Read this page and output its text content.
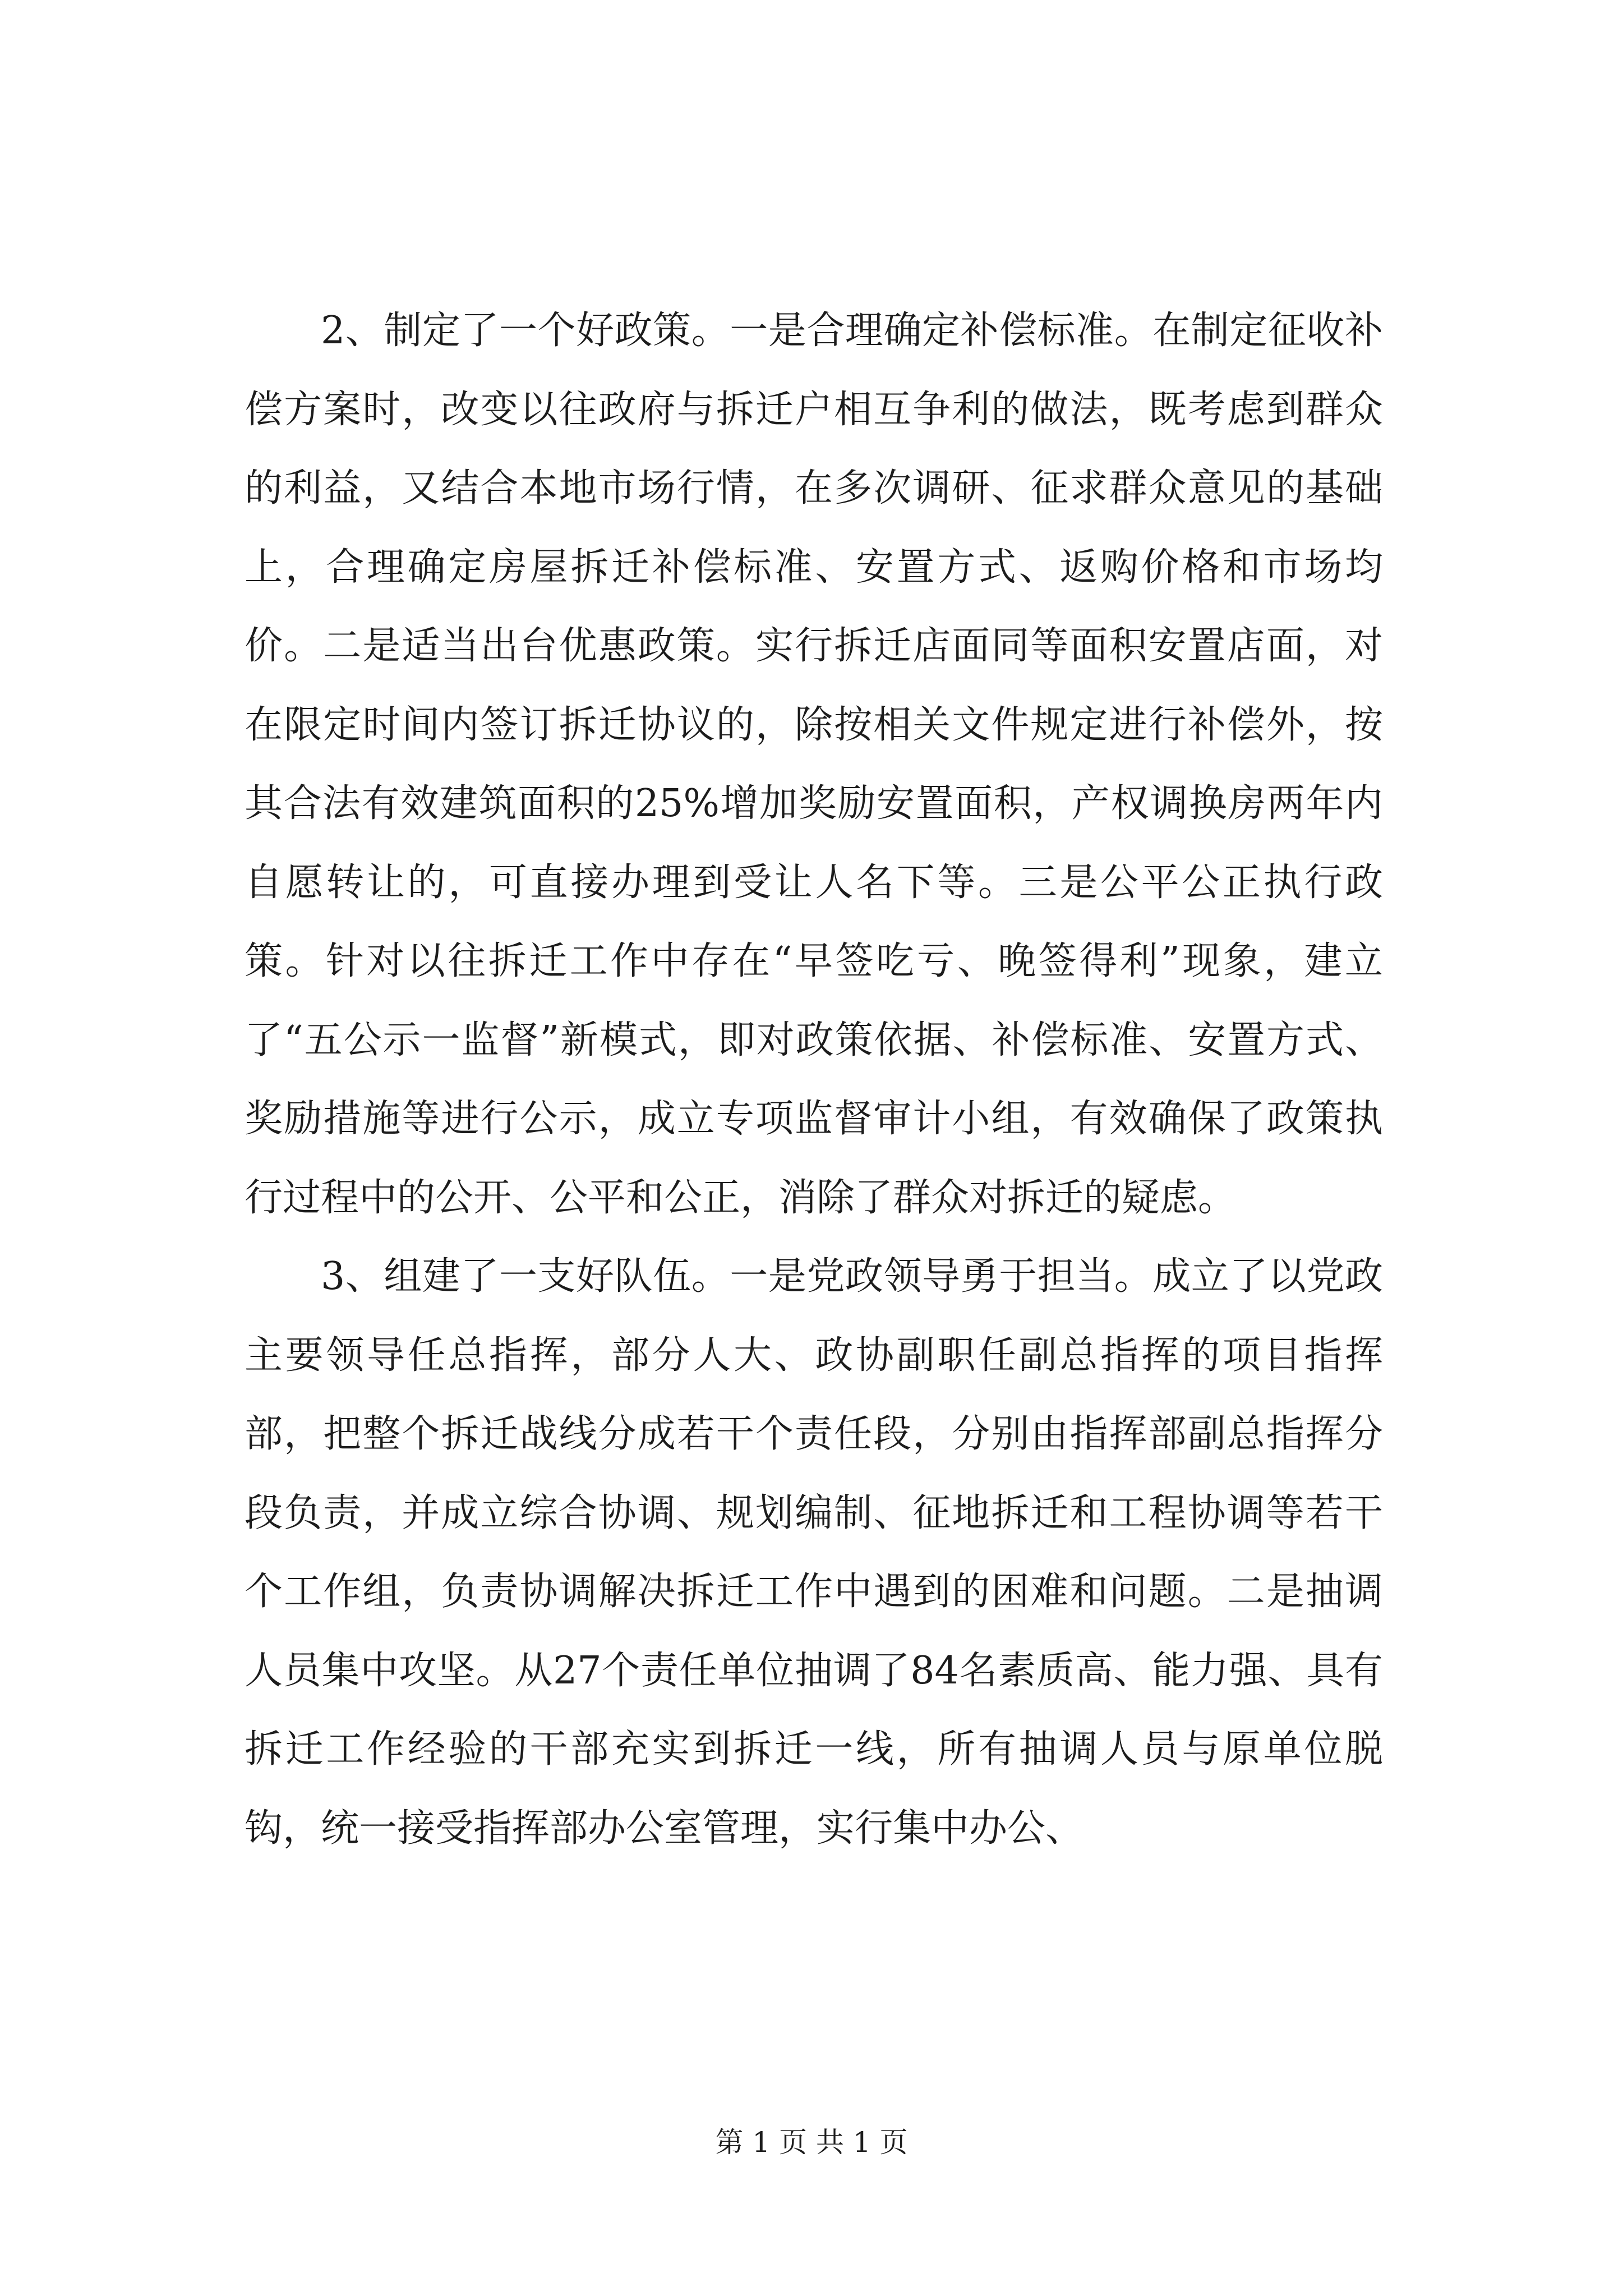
2、制定了一个好政策。一是合理确定补偿标准。在制定征收补偿方案时，改变以往政府与拆迁户相互争利的做法，既考虑到群众的利益，又结合本地市场行情，在多次调研、征求群众意见的基础上，合理确定房屋拆迁补偿标准、安置方式、返购价格和市场均价。二是适当出台优惠政策。实行拆迁店面同等面积安置店面，对在限定时间内签订拆迁协议的，除按相关文件规定进行补偿外，按其合法有效建筑面积的25%增加奖励安置面积，产权调换房两年内自愿转让的，可直接办理到受让人名下等。三是公平公正执行政策。针对以往拆迁工作中存在“早签吃亏、晚签得利”现象，建立了“五公示一监督”新模式，即对政策依据、补偿标准、安置方式、奖励措施等进行公示，成立专项监督审计小组，有效确保了政策执行过程中的公开、公平和公正，消除了群众对拆迁的疑虑。

3、组建了一支好队伍。一是党政领导勇于担当。成立了以党政主要领导任总指挥，部分人大、政协副职任副总指挥的项目指挥部，把整个拆迁战线分成若干个责任段，分别由指挥部副总指挥分段负责，并成立综合协调、规划编制、征地拆迁和工程协调等若干个工作组，负责协调解决拆迁工作中遇到的困难和问题。二是抽调人员集中攻坚。从27个责任单位抽调了84名素质高、能力强、具有拆迁工作经验的干部充实到拆迁一线，所有抽调人员与原单位脱钩，统一接受指挥部办公室管理，实行集中办公、

第 1 页 共 1 页
